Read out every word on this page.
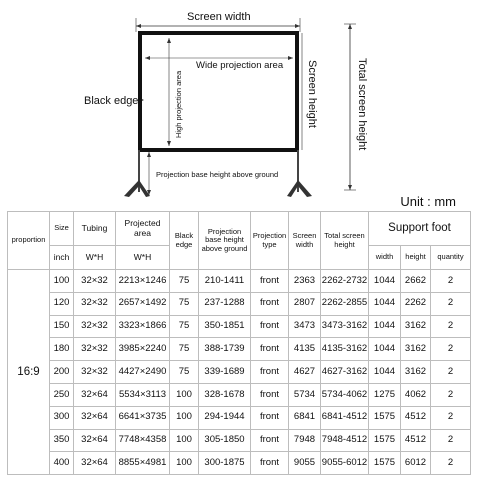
Screen width
Wide projection area
High projection area	Screen height	Total screen height
Black edge
Projection base height above ground
Unit : mm
proportion	Size	Tubing	Projected area	Black edge	Projection base height above ground	Projection type	Screen width	Total screen height	Support foot		
	inch	W*H	W*H						width	height	quantity
16:9	100	32×32	2213×1246	75	210-1411	front	2363	2262-2732	1044	2662	2
	120	32×32	2657×1492	75	237-1288	front	2807	2262-2855	1044	2262	2
	150	32×32	3323×1866	75	350-1851	front	3473	3473-3162	1044	3162	2
	180	32×32	3985×2240	75	388-1739	front	4135	4135-3162	1044	3162	2
	200	32×32	4427×2490	75	339-1689	front	4627	4627-3162	1044	3162	2
	250	32×64	5534×3113	100	328-1678	front	5734	5734-4062	1275	4062	2
	300	32×64	6641×3735	100	294-1944	front	6841	6841-4512	1575	4512	2
	350	32×64	7748×4358	100	305-1850	front	7948	7948-4512	1575	4512	2
	400	32×64	8855×4981	100	300-1875	front	9055	9055-6012	1575	6012	2
